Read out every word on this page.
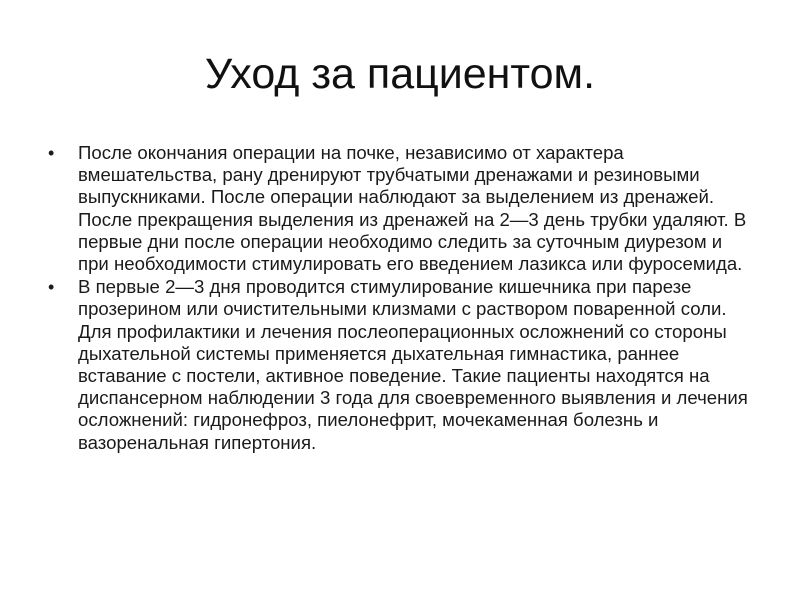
Уход за пациентом.
•	После окончания операции на почке, независимо от характера вмешательства, рану дренируют трубчатыми дренажами и резиновыми выпускниками. После операции наблюдают за выделением из дренажей. После прекращения выделения из дренажей на 2—3 день трубки удаляют. В первые дни после операции необходимо следить за суточным диурезом и при необходимости стимулировать его введением лазикса или фуросемида.
•	В первые 2—3 дня проводится стимулирование кишечника при парезе прозерином или очистительными клизмами с раствором поваренной соли. Для профилактики и лечения послеоперационных осложнений со стороны дыхательной системы применяется дыхательная гимнастика, раннее вставание с постели, активное поведение. Такие пациенты находятся на диспансерном наблюдении 3 года для своевременного выявления и лечения осложнений: гидронефроз, пиелонефрит, мочекаменная болезнь и вазоренальная гипертония.
